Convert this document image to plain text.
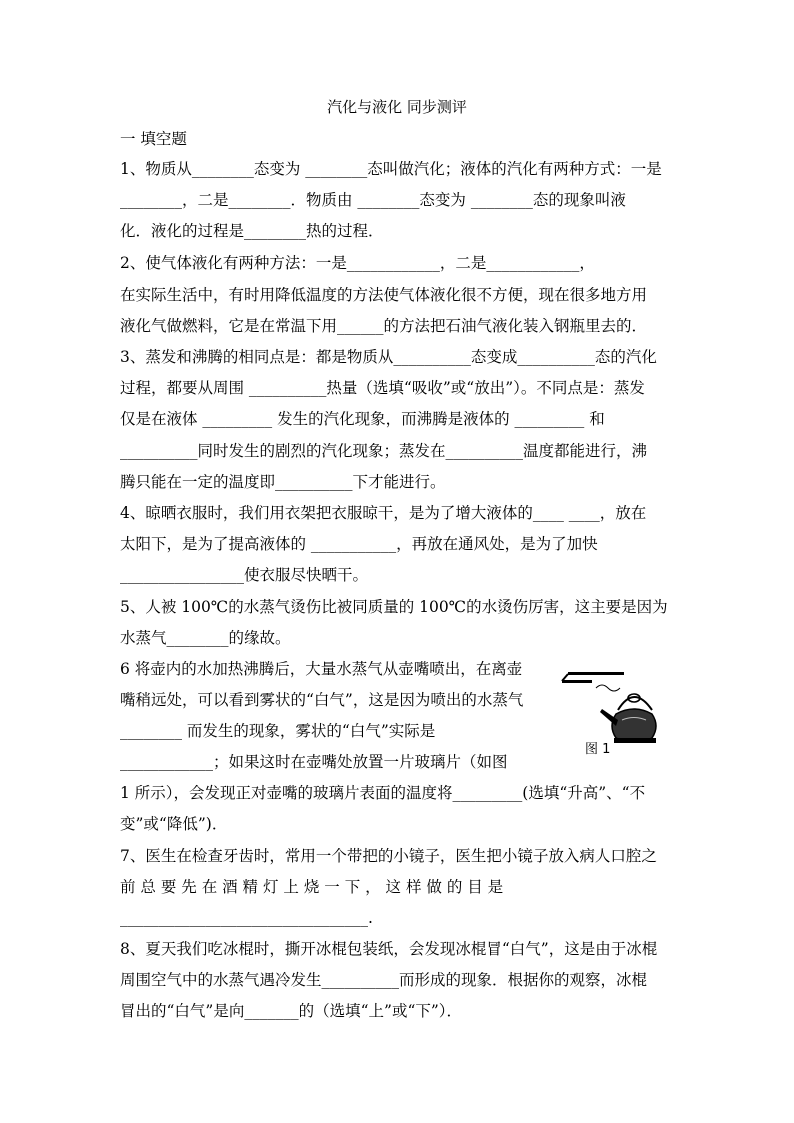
汽化与液化 同步测评
一 填空题
1、物质从________态变为 ________态叫做汽化；液体的汽化有两种方式：一是
________，二是________．物质由 ________态变为 ________态的现象叫液
化．液化的过程是________热的过程．
2、使气体液化有两种方法：一是____________，二是____________，
在实际生活中，有时用降低温度的方法使气体液化很不方便，现在很多地方用
液化气做燃料，它是在常温下用______的方法把石油气液化装入钢瓶里去的．
3、蒸发和沸腾的相同点是：都是物质从__________态变成__________态的汽化
过程，都要从周围 __________热量（选填“吸收”或“放出”）。不同点是：蒸发
仅是在液体 _________ 发生的汽化现象，而沸腾是液体的 _________ 和
__________同时发生的剧烈的汽化现象；蒸发在__________温度都能进行，沸
腾只能在一定的温度即__________下才能进行。
4、晾晒衣服时，我们用衣架把衣服晾干，是为了增大液体的____ ____，放在
太阳下，是为了提高液体的 ___________，再放在通风处，是为了加快
________________使衣服尽快晒干。
5、人被 100℃的水蒸气烫伤比被同质量的 100℃的水烫伤厉害，这主要是因为
水蒸气________的缘故。
6 将壶内的水加热沸腾后，大量水蒸气从壶嘴喷出，在离壶
嘴稍远处，可以看到雾状的“白气”，这是因为喷出的水蒸气
________ 而发生的现象，雾状的“白气”实际是
____________；如果这时在壶嘴处放置一片玻璃片（如图
1 所示），会发现正对壶嘴的玻璃片表面的温度将_________(选填“升高”、“不
变”或“降低”)．
7、医生在检查牙齿时，常用一个带把的小镜子，医生把小镜子放入病人口腔之
前 总 要 先 在 酒 精 灯 上 烧 一 下 ， 这 样 做 的 目 是
________________________________.
8、夏天我们吃冰棍时，撕开冰棍包装纸，会发现冰棍冒“白气”，这是由于冰棍
周围空气中的水蒸气遇冷发生__________而形成的现象．根据你的观察，冰棍
冒出的“白气”是向_______的（选填“上”或“下”）．
图 1
